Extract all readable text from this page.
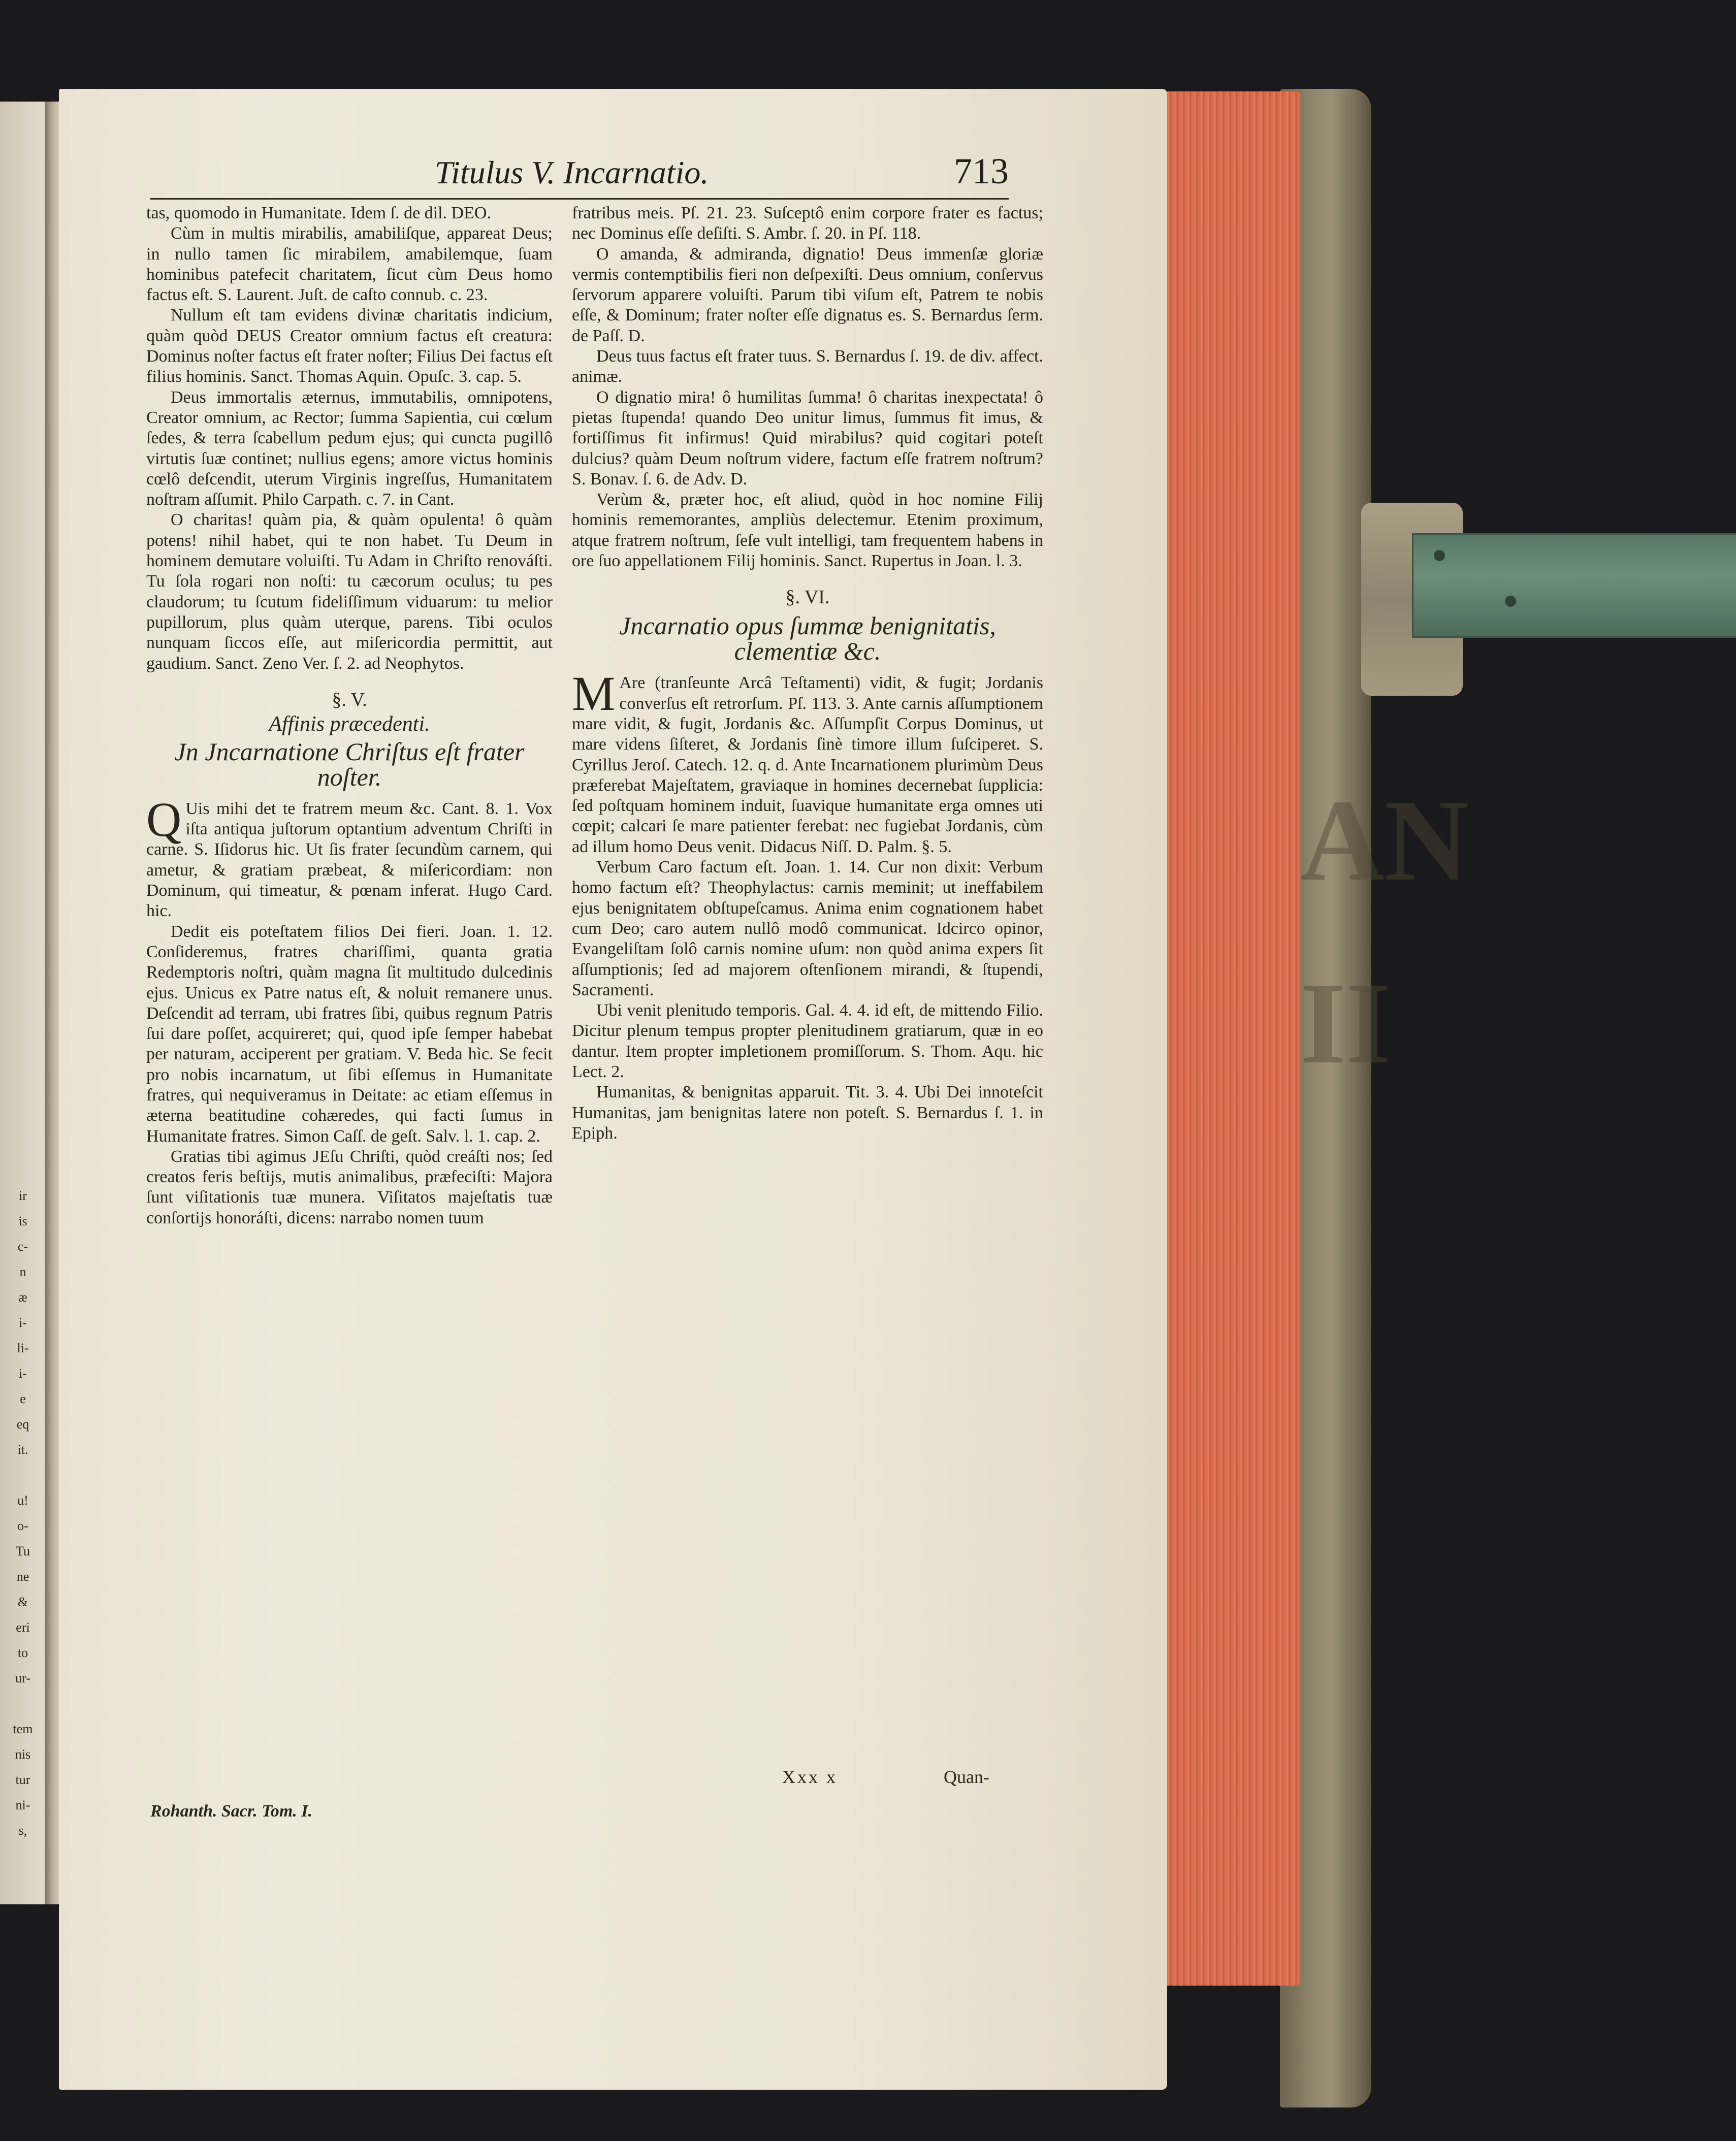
AN
II
ir
is
c-
n
æ
i-
li-
i-
e
eq
it.
u!
o-
Tu
ne
&
eri
to
ur-
tem
nis
tur
ni-
s,
Titulus V. Incarnatio.	713

tas, quomodo in Humanitate. Idem ſ. de dil. DEO.

Cùm in multis mirabilis, amabiliſque, appareat Deus; in nullo tamen ſic mirabilem, amabilemque, ſuam hominibus patefecit charitatem, ſicut cùm Deus homo factus eſt. S. Laurent. Juſt. de caſto connub. c. 23.

Nullum eſt tam evidens divinæ charitatis indicium, quàm quòd DEUS Creator omnium factus eſt creatura: Dominus noſter factus eſt frater noſter; Filius Dei factus eſt filius hominis. Sanct. Thomas Aquin. Opuſc. 3. cap. 5.

Deus immortalis æternus, immutabilis, omnipotens, Creator omnium, ac Rector; ſumma Sapientia, cui cœlum ſedes, & terra ſcabellum pedum ejus; qui cuncta pugillô virtutis ſuæ continet; nullius egens; amore victus hominis cœlô deſcendit, uterum Virginis ingreſſus, Humanitatem noſtram aſſumit. Philo Carpath. c. 7. in Cant.

O charitas! quàm pia, & quàm opulenta! ô quàm potens! nihil habet, qui te non habet. Tu Deum in hominem demutare voluiſti. Tu Adam in Chriſto renováſti. Tu ſola rogari non noſti: tu cæcorum oculus; tu pes claudorum; tu ſcutum fideliſſimum viduarum: tu melior pupillorum, plus quàm uterque, parens. Tibi oculos nunquam ſiccos eſſe, aut miſericordia permittit, aut gaudium. Sanct. Zeno Ver. ſ. 2. ad Neophytos.

§. V.

Affinis præcedenti.

Jn Jncarnatione Chriſtus eſt frater noſter.

Q Uis mihi det te fratrem meum &c. Cant. 8. 1. Vox iſta antiqua juſtorum optantium adventum Chriſti in carne. S. Iſidorus hic. Ut ſis frater ſecundùm carnem, qui ametur, & gratiam præbeat, & miſericordiam: non Dominum, qui timeatur, & pœnam inferat. Hugo Card. hic.

Dedit eis poteſtatem filios Dei fieri. Joan. 1. 12. Conſideremus, fratres chariſſimi, quanta gratia Redemptoris noſtri, quàm magna ſit multitudo dulcedinis ejus. Unicus ex Patre natus eſt, & noluit remanere unus. Deſcendit ad terram, ubi fratres ſibi, quibus regnum Patris ſui dare poſſet, acquireret; qui, quod ipſe ſemper habebat per naturam, acciperent per gratiam. V. Beda hìc. Se fecit pro nobis incarnatum, ut ſibi eſſemus in Humanitate fratres, qui nequiveramus in Deitate: ac etiam eſſemus in æterna beatitudine cohæredes, qui facti ſumus in Humanitate fratres. Simon Caſſ. de geſt. Salv. l. 1. cap. 2.

Gratias tibi agimus JEſu Chriſti, quòd creáſti nos; ſed creatos feris beſtijs, mutis animalibus, præfeciſti: Majora ſunt viſitationis tuæ munera. Viſitatos majeſtatis tuæ conſortijs honoráſti, dicens: narrabo nomen tuum

fratribus meis. Pſ. 21. 23. Suſceptô enim corpore frater es factus; nec Dominus eſſe deſiſti. S. Ambr. ſ. 20. in Pſ. 118.

O amanda, & admiranda, dignatio! Deus immenſæ gloriæ vermis contemptibilis fieri non deſpexiſti. Deus omnium, conſervus ſervorum apparere voluiſti. Parum tibi viſum eſt, Patrem te nobis eſſe, & Dominum; frater noſter eſſe dignatus es. S. Bernardus ſerm. de Paſſ. D.

Deus tuus factus eſt frater tuus. S. Bernardus ſ. 19. de div. affect. animæ.

O dignatio mira! ô humilitas ſumma! ô charitas inexpectata! ô pietas ſtupenda! quando Deo unitur limus, ſummus fit imus, & fortiſſimus fit infirmus! Quid mirabilus? quid cogitari poteſt dulcius? quàm Deum noſtrum videre, factum eſſe fratrem noſtrum? S. Bonav. ſ. 6. de Adv. D.

Verùm &, præter hoc, eſt aliud, quòd in hoc nomine Filij hominis rememorantes, ampliùs delectemur. Etenim proximum, atque fratrem noſtrum, ſeſe vult intelligi, tam frequentem habens in ore ſuo appellationem Filij hominis. Sanct. Rupertus in Joan. l. 3.

§. VI.

Jncarnatio opus ſummæ benignitatis, clementiæ &c.

M Are (tranſeunte Arcâ Teſtamenti) vidit, & fugit; Jordanis converſus eſt retrorſum. Pſ. 113. 3. Ante carnis aſſumptionem mare vidit, & fugit, Jordanis &c. Aſſumpſit Corpus Dominus, ut mare videns ſiſteret, & Jordanis ſinè timore illum ſuſciperet. S. Cyrillus Jeroſ. Catech. 12. q. d. Ante Incarnationem plurimùm Deus præferebat Majeſtatem, graviaque in homines decernebat ſupplicia: ſed poſtquam hominem induit, ſuavique humanitate erga omnes uti cœpit; calcari ſe mare patienter ferebat: nec fugiebat Jordanis, cùm ad illum homo Deus venit. Didacus Niſſ. D. Palm. §. 5.

Verbum Caro factum eſt. Joan. 1. 14. Cur non dixit: Verbum homo factum eſt? Theophylactus: carnis meminit; ut ineffabilem ejus benignitatem obſtupeſcamus. Anima enim cognationem habet cum Deo; caro autem nullô modô communicat. Idcirco opinor, Evangeliſtam ſolô carnis nomine uſum: non quòd anima expers ſit aſſumptionis; ſed ad majorem oſtenſionem mirandi, & ſtupendi, Sacramenti.

Ubi venit plenitudo temporis. Gal. 4. 4. id eſt, de mittendo Filio. Dicitur plenum tempus propter plenitudinem gratiarum, quæ in eo dantur. Item propter impletionem promiſſorum. S. Thom. Aqu. hic Lect. 2.

Humanitas, & benignitas apparuit. Tit. 3. 4. Ubi Dei innoteſcit Humanitas, jam benignitas latere non poteſt. S. Bernardus ſ. 1. in Epiph.

Rohanth. Sacr. Tom. I.
Xxx x	Quan-
